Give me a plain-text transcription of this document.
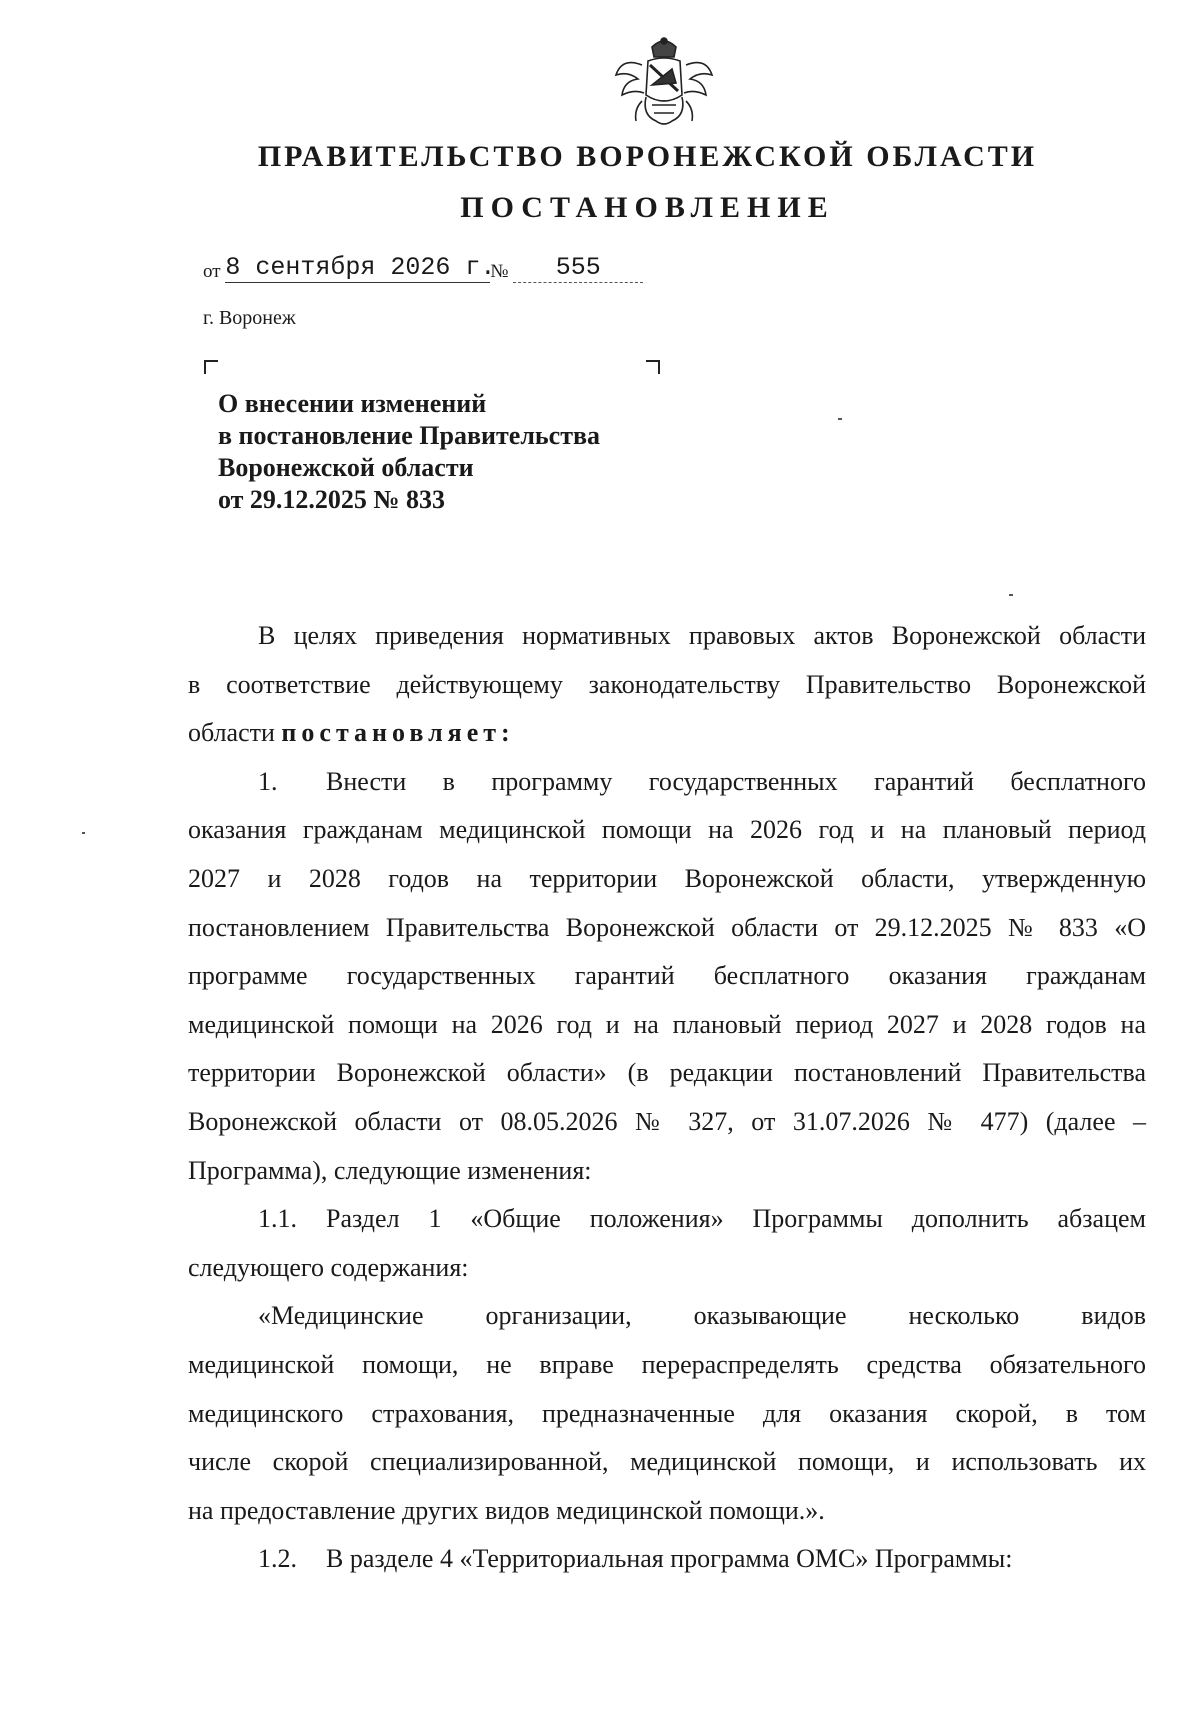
ПРАВИТЕЛЬСТВО ВОРОНЕЖСКОЙ ОБЛАСТИ
ПОСТАНОВЛЕНИЕ
от 8 сентября 2026 г.№ 555
г. Воронеж
О внесении изменений
в постановление Правительства
Воронежской области
от 29.12.2025 № 833
В целях приведения нормативных правовых актов Воронежской области
в соответствие действующему законодательству Правительство Воронежской
области постановляет:
1. Внести в программу государственных гарантий бесплатного
оказания гражданам медицинской помощи на 2026 год и на плановый период
2027 и 2028 годов на территории Воронежской области, утвержденную
постановлением Правительства Воронежской области от 29.12.2025 № 833 «О
программе государственных гарантий бесплатного оказания гражданам
медицинской помощи на 2026 год и на плановый период 2027 и 2028 годов на
территории Воронежской области» (в редакции постановлений Правительства
Воронежской области от 08.05.2026 № 327, от 31.07.2026 № 477) (далее –
Программа), следующие изменения:
1.1. Раздел 1 «Общие положения» Программы дополнить абзацем
следующего содержания:
«Медицинские организации, оказывающие несколько видов
медицинской помощи, не вправе перераспределять средства обязательного
медицинского страхования, предназначенные для оказания скорой, в том
числе скорой специализированной, медицинской помощи, и использовать их
на предоставление других видов медицинской помощи.».
1.2. В разделе 4 «Территориальная программа ОМС» Программы:
